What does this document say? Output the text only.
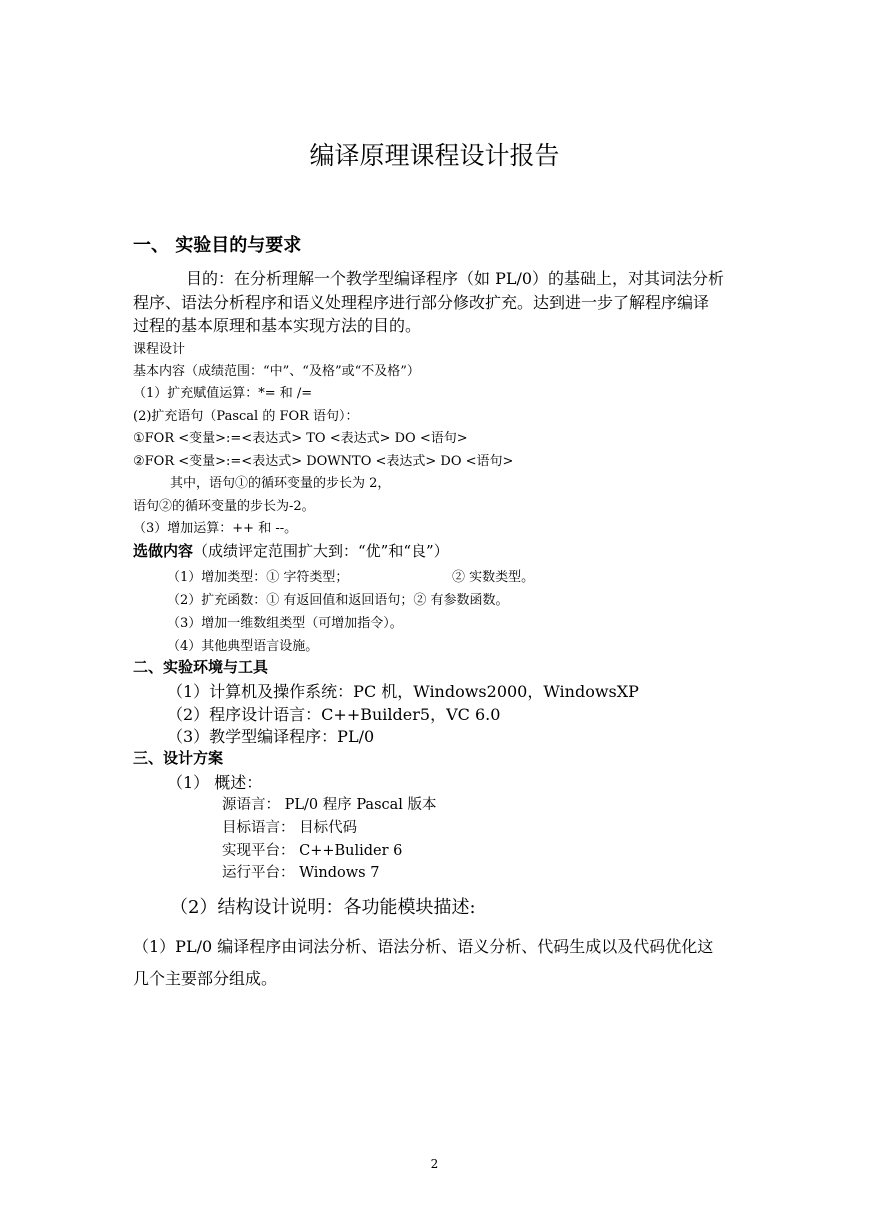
编译原理课程设计报告
一、 实验目的与要求
目的：在分析理解一个教学型编译程序（如 PL/0）的基础上，对其词法分析
程序、语法分析程序和语义处理程序进行部分修改扩充。达到进一步了解程序编译
过程的基本原理和基本实现方法的目的。
课程设计
基本内容（成绩范围：“中”、“及格”或“不及格”）
（1）扩充赋值运算：*= 和 /=
(2)扩充语句（Pascal 的 FOR 语句）：
①FOR <变量>:=<表达式> TO <表达式> DO <语句>
②FOR <变量>:=<表达式> DOWNTO <表达式> DO <语句>
其中，语句①的循环变量的步长为 2，
语句②的循环变量的步长为-2。
（3）增加运算：++ 和 --。
选做内容（成绩评定范围扩大到：“优”和“良”）
（1）增加类型：① 字符类型；	② 实数类型。
（2）扩充函数：① 有返回值和返回语句；② 有参数函数。
（3）增加一维数组类型（可增加指令）。
（4）其他典型语言设施。
二、实验环境与工具
（1）计算机及操作系统：PC 机，Windows2000，WindowsXP
（2）程序设计语言：C++Builder5，VC 6.0
（3）教学型编译程序：PL/0
三、设计方案
（1） 概述：
源语言： PL/0 程序 Pascal 版本
目标语言： 目标代码
实现平台： C++Bulider 6
运行平台： Windows 7
（2）结构设计说明：各功能模块描述:
（1）PL/0 编译程序由词法分析、语法分析、语义分析、代码生成以及代码优化这
几个主要部分组成。
2
